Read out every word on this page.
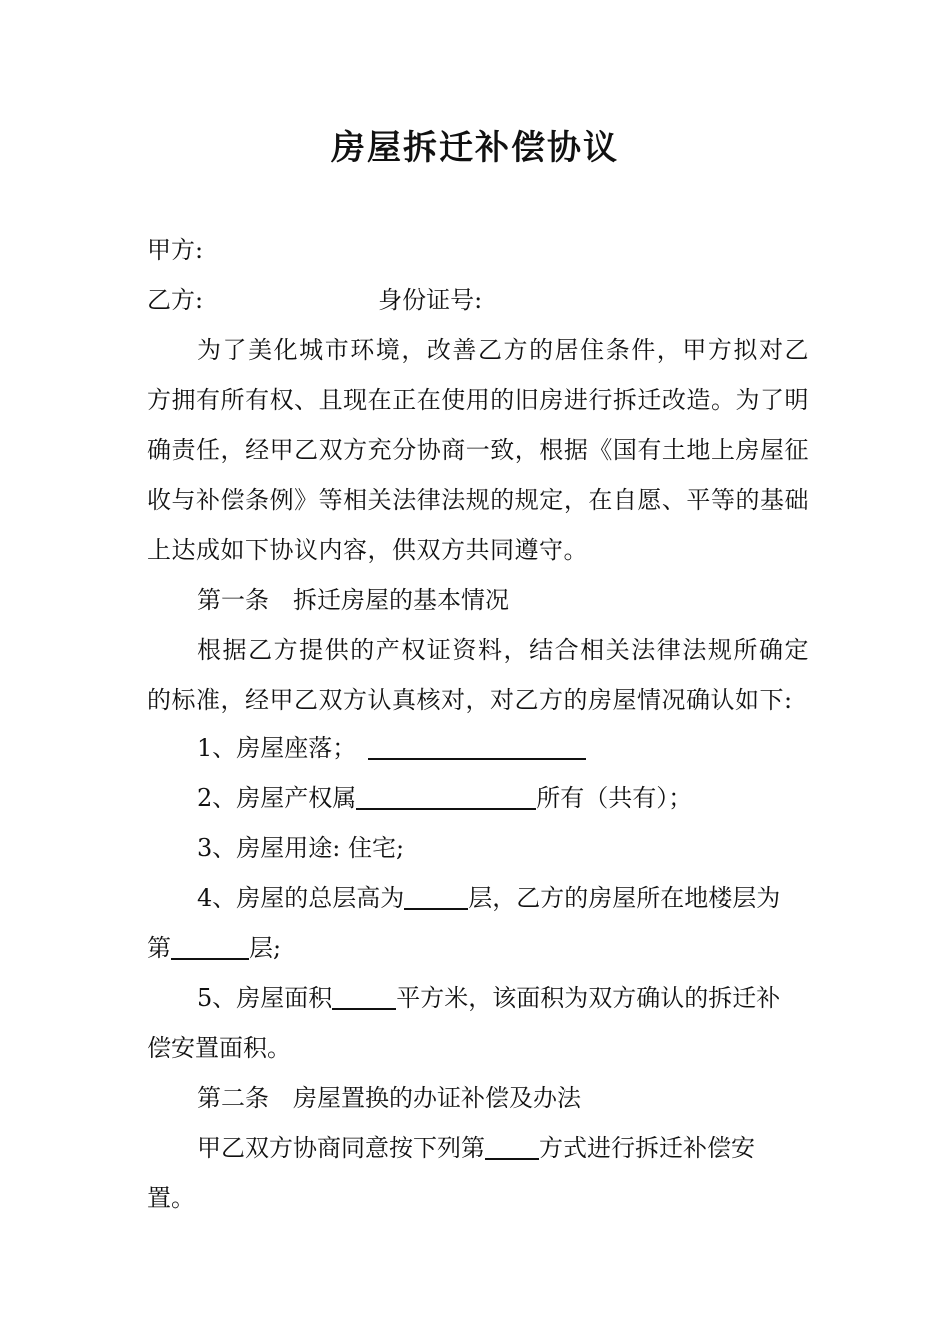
房屋拆迁补偿协议
甲方:
乙方:	身份证号:
为了美化城市环境，改善乙方的居住条件，甲方拟对乙方拥有所有权、且现在正在使用的旧房进行拆迁改造。为了明确责任，经甲乙双方充分协商一致，根据《国有土地上房屋征收与补偿条例》等相关法律法规的规定，在自愿、平等的基础上达成如下协议内容，供双方共同遵守。
第一条　拆迁房屋的基本情况
根据乙方提供的产权证资料，结合相关法律法规所确定的标准，经甲乙双方认真核对，对乙方的房屋情况确认如下:
1、房屋座落；
2、房屋产权属	所有（共有）；
3、房屋用途: 住宅;
4、房屋的总层高为	层，乙方的房屋所在地楼层为
第	层;
5、房屋面积	平方米，该面积为双方确认的拆迁补
偿安置面积。
第二条　房屋置换的办证补偿及办法
甲乙双方协商同意按下列第 方式进行拆迁补偿安
置。
